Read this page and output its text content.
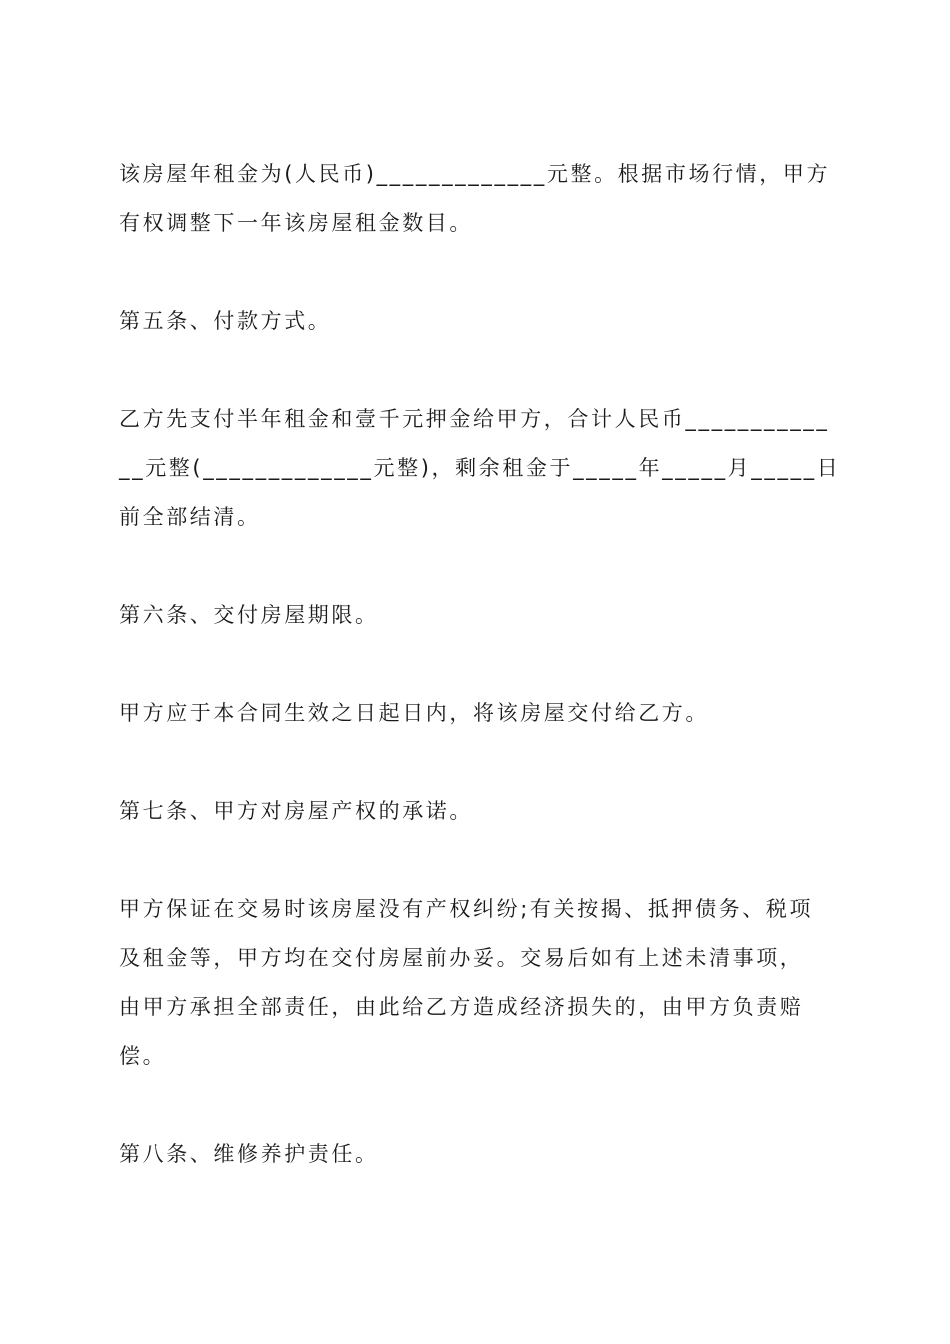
该房屋年租金为(人民币)_____________元整。根据市场行情，甲方
有权调整下一年该房屋租金数目。
第五条、付款方式。
乙方先支付半年租金和壹千元押金给甲方，合计人民币___________
__元整(_____________元整)，剩余租金于_____年_____月_____日
前全部结清。
第六条、交付房屋期限。
甲方应于本合同生效之日起日内，将该房屋交付给乙方。
第七条、甲方对房屋产权的承诺。
甲方保证在交易时该房屋没有产权纠纷;有关按揭、抵押债务、税项
及租金等，甲方均在交付房屋前办妥。交易后如有上述未清事项，
由甲方承担全部责任，由此给乙方造成经济损失的，由甲方负责赔
偿。
第八条、维修养护责任。
